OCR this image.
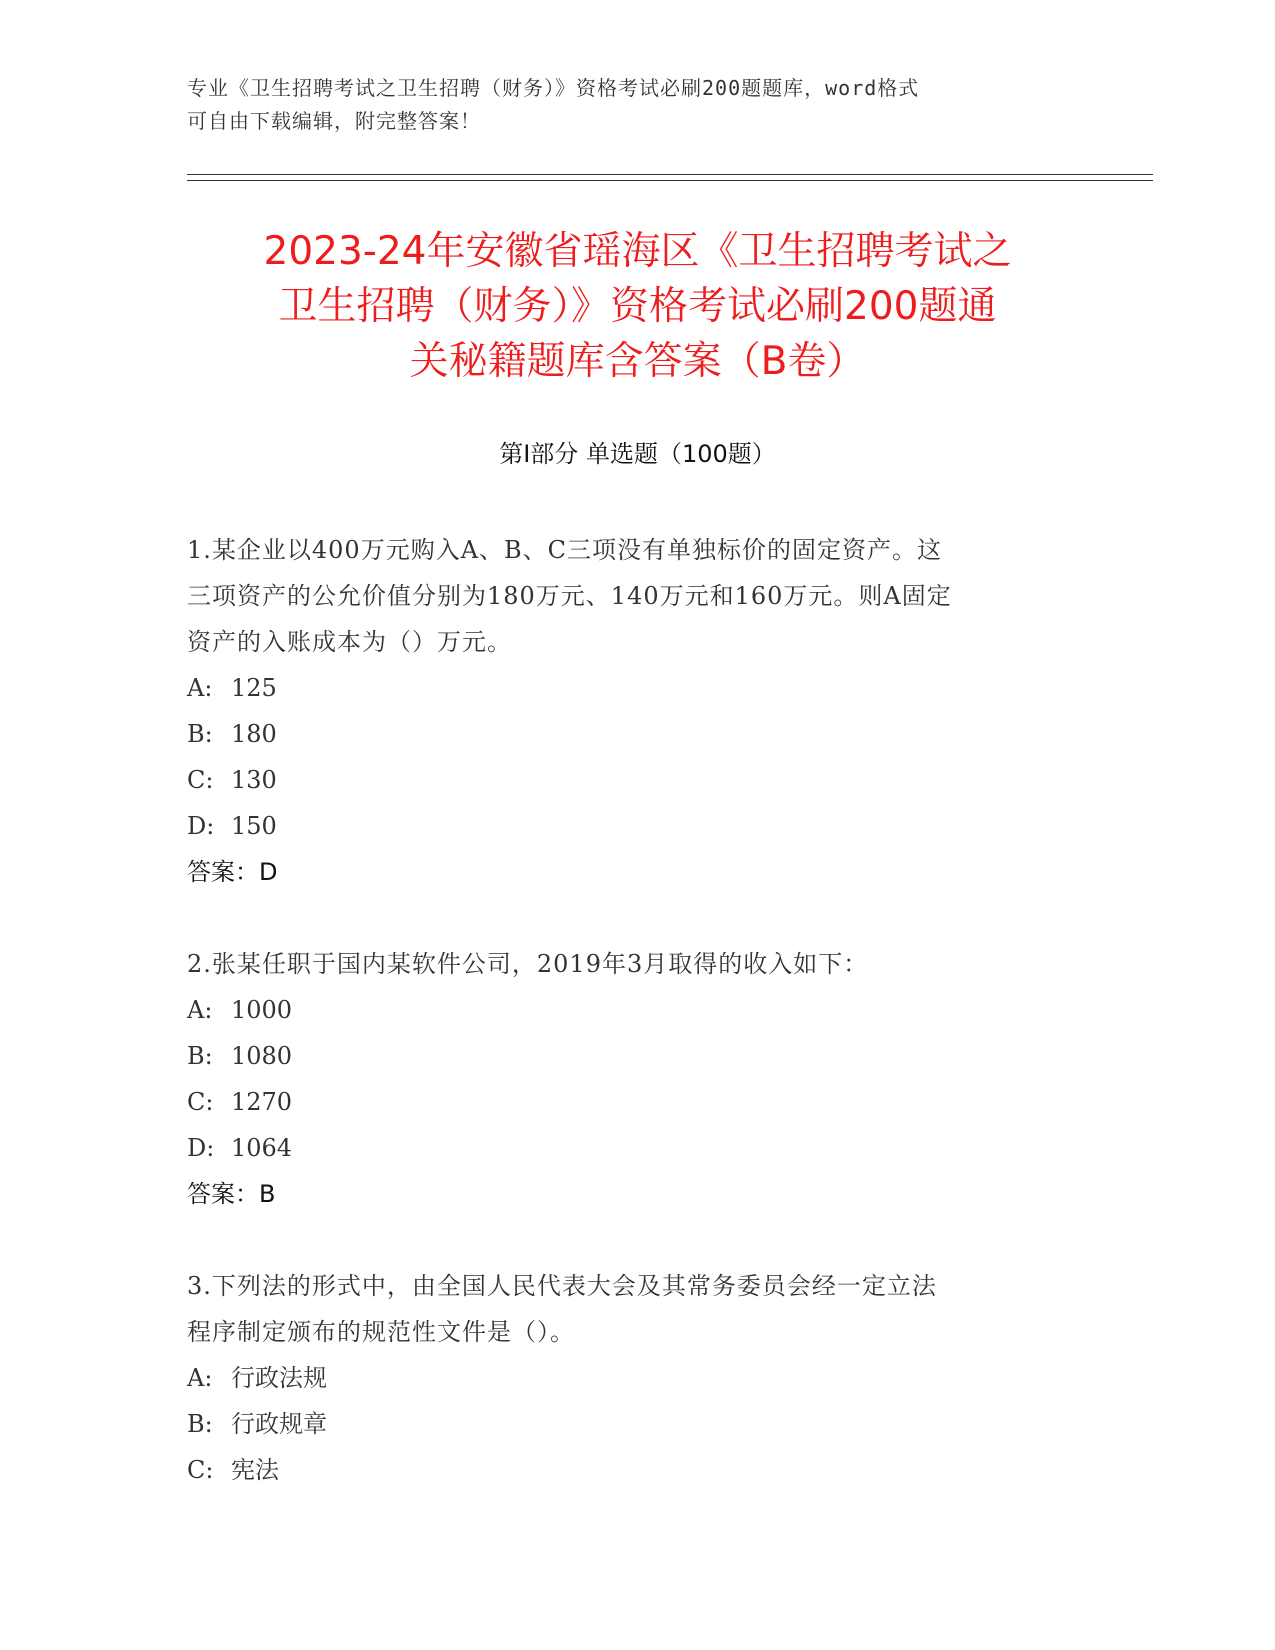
专业《卫生招聘考试之卫生招聘（财务）》资格考试必刷200题题库，word格式
可自由下载编辑，附完整答案！
2023-24年安徽省瑶海区《卫生招聘考试之
卫生招聘（财务）》资格考试必刷200题通
关秘籍题库含答案（B卷）
第Ⅰ部分 单选题（100题）
1.某企业以400万元购入A、B、C三项没有单独标价的固定资产。这
三项资产的公允价值分别为180万元、140万元和160万元。则A固定
资产的入账成本为（）万元。
A: 125
B: 180
C: 130
D: 150
答案：D
2.张某任职于国内某软件公司，2019年3月取得的收入如下：
A: 1000
B: 1080
C: 1270
D: 1064
答案：B
3.下列法的形式中，由全国人民代表大会及其常务委员会经一定立法
程序制定颁布的规范性文件是（）。
A: 行政法规
B: 行政规章
C: 宪法
